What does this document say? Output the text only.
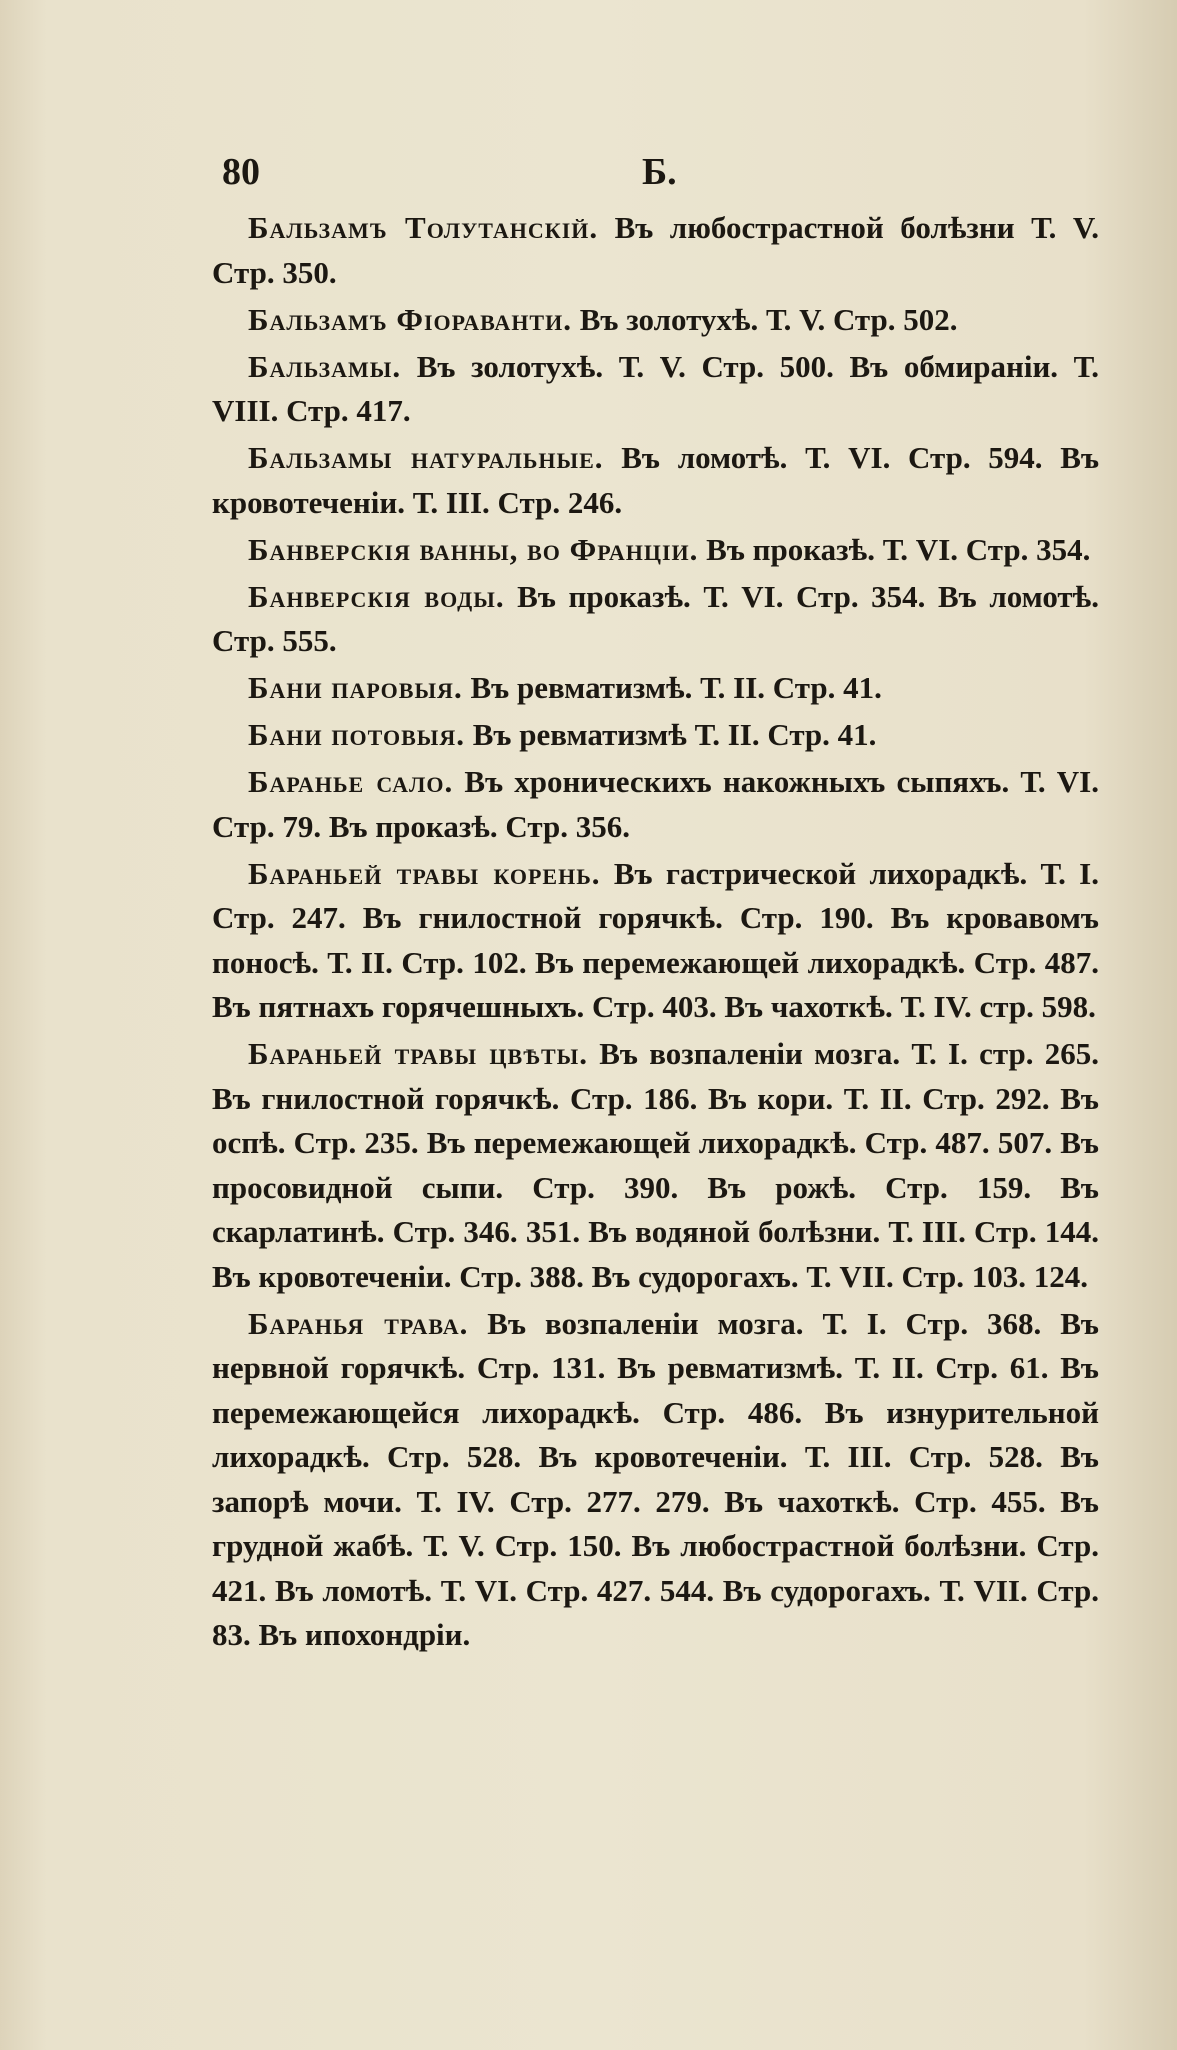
80	Б.

Бальзамъ Толутанскій. Въ любострастной болѣзни Т. V. Стр. 350.

Бальзамъ Фіораванти. Въ золотухѣ. Т. V. Стр. 502.

Бальзамы. Въ золотухѣ. Т. V. Стр. 500. Въ обмираніи. Т. VIII. Стр. 417.

Бальзамы натуральные. Въ ломотѣ. Т. VI. Стр. 594. Въ кровотеченіи. Т. III. Стр. 246.

Банверскія ванны, во Франціи. Въ проказѣ. Т. VI. Стр. 354.

Банверскія воды. Въ проказѣ. Т. VI. Стр. 354. Въ ломотѣ. Стр. 555.

Бани паровыя. Въ ревматизмѣ. Т. II. Стр. 41.

Бани потовыя. Въ ревматизмѣ Т. II. Стр. 41.

Баранье сало. Въ хроническихъ накожныхъ сыпяхъ. Т. VI. Стр. 79. Въ проказѣ. Стр. 356.

Бараньей травы корень. Въ гастрической лихорадкѣ. Т. I. Стр. 247. Въ гнилостной горячкѣ. Стр. 190. Въ кровавомъ поносѣ. Т. II. Стр. 102. Въ перемежающей лихорадкѣ. Стр. 487. Въ пятнахъ горячешныхъ. Стр. 403. Въ чахоткѣ. Т. IV. стр. 598.

Бараньей травы цвѣты. Въ возпаленіи мозга. Т. I. стр. 265. Въ гнилостной горячкѣ. Стр. 186. Въ кори. Т. II. Стр. 292. Въ оспѣ. Стр. 235. Въ перемежающей лихорадкѣ. Стр. 487. 507. Въ просовидной сыпи. Стр. 390. Въ рожѣ. Стр. 159. Въ скарлатинѣ. Стр. 346. 351. Въ водяной болѣзни. Т. III. Стр. 144. Въ кровотеченіи. Стр. 388. Въ судорогахъ. Т. VII. Стр. 103. 124.

Баранья трава. Въ возпаленіи мозга. Т. I. Стр. 368. Въ нервной горячкѣ. Стр. 131. Въ ревматизмѣ. Т. II. Стр. 61. Въ перемежающейся лихорадкѣ. Стр. 486. Въ изнурительной лихорадкѣ. Стр. 528. Въ кровотеченіи. Т. III. Стр. 528. Въ запорѣ мочи. Т. IV. Стр. 277. 279. Въ чахоткѣ. Стр. 455. Въ грудной жабѣ. Т. V. Стр. 150. Въ любострастной болѣзни. Стр. 421. Въ ломотѣ. Т. VI. Стр. 427. 544. Въ судорогахъ. Т. VII. Стр. 83. Въ ипохондріи.
